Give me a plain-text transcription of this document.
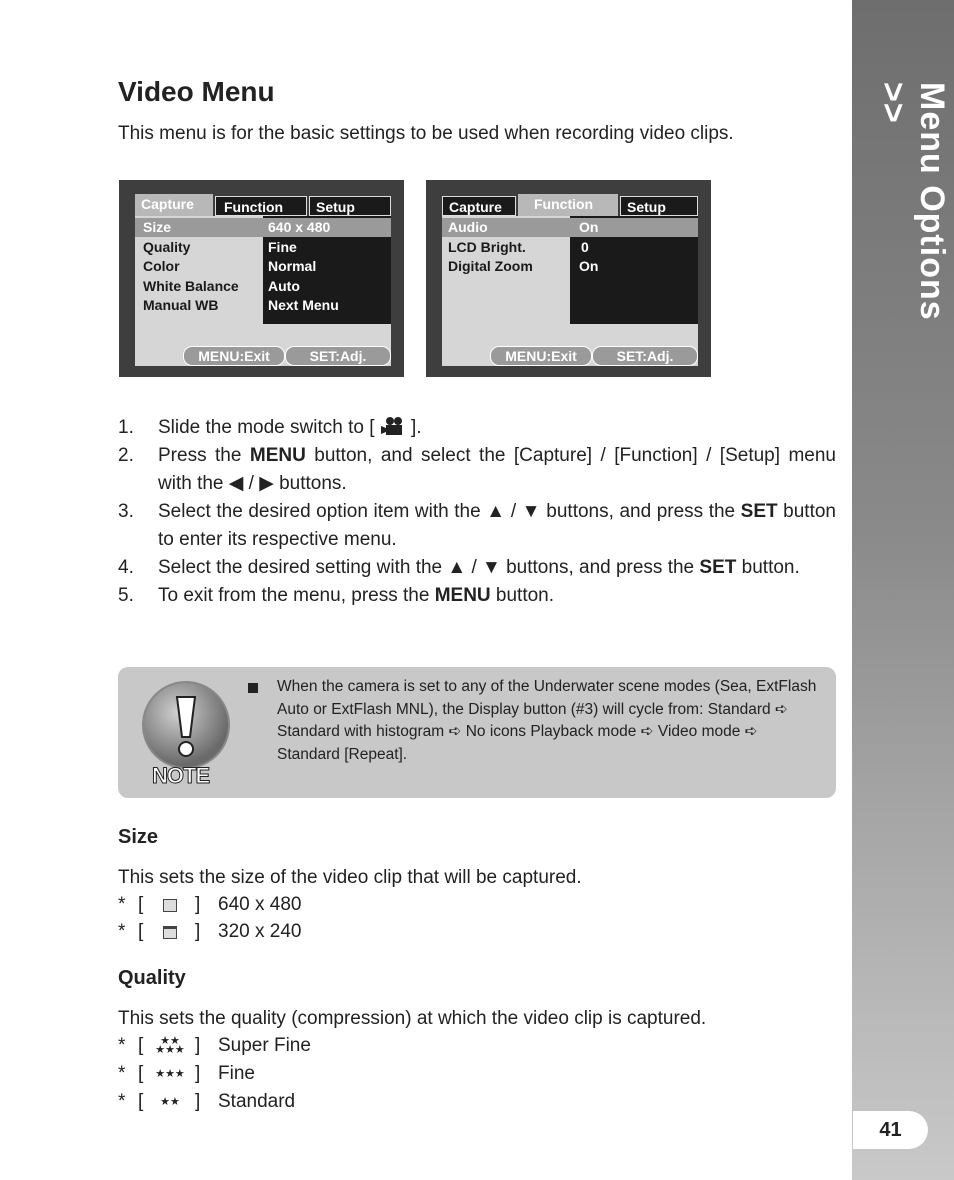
Menu Options >>
41
Video Menu

This menu is for the basic settings to be used when recording video clips.

Capture	Function	Setup
Size	640 x 480
Quality	Fine
Color	Normal
White Balance Auto
Manual WB	Next Menu
MENU:Exit	SET:Adj.
Capture	Function	Setup
Audio	On
LCD Bright.	0
Digital Zoom	On
MENU:Exit	SET:Adj.
1. Slide the mode switch to [  ].
2. Press the MENU button, and select the [Capture] / [Function] / [Setup] menu with the ◀ / ▶ buttons.
3. Select the desired option item with the ▲ / ▼ buttons, and press the SET button to enter its respective menu.
4. Select the desired setting with the ▲ / ▼ buttons, and press the SET button.
5. To exit from the menu, press the MENU button.
NOTE
When the camera is set to any of the Underwater scene modes (Sea, ExtFlash Auto or ExtFlash MNL), the Display button (#3) will cycle from: Standard ➪ Standard with histogram ➪ No icons Playback mode ➪ Video mode ➪ Standard [Repeat].
Size

This sets the size of the video clip that will be captured.

* [	] 640 x 480
* [	] 320 x 240
Quality

This sets the quality (compression) at which the video clip is captured.

* [ ★★
★★★ ] Super Fine
* [ ★★★ ] Fine
* [ ★★ ] Standard
